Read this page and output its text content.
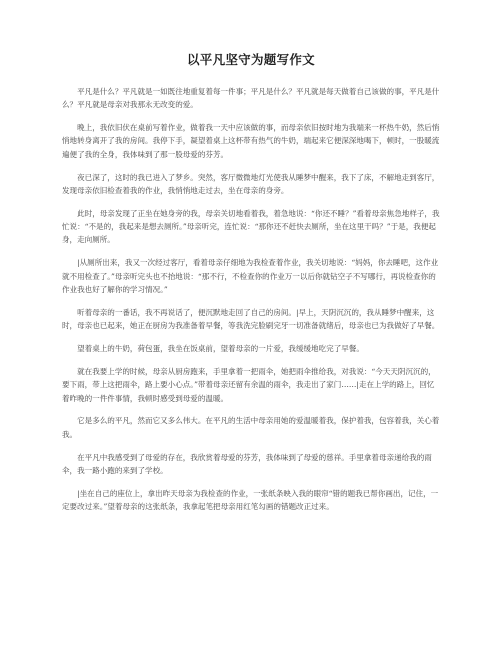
以平凡坚守为题写作文

平凡是什么？平凡就是一如既往地重复着每一件事；平凡是什么？平凡就是每天做着自己该做的事，平凡是什么？平凡就是母亲对我那永无改变的爱。

晚上，我依旧伏在桌前写着作业，做着我一天中应该做的事，而母亲依旧按时地为我端来一杯热牛奶，然后悄悄地转身离开了我的房间。我停下手，凝望着桌上这杯带有热气的牛奶，端起来它便深深地喝下，顿时，一股暖流遍便了我的全身，我体味到了那一股母爱的芬芳。

夜已深了，这时的我已进入了梦乡。突然，客厅微微地灯光使我从睡梦中醒来，我下了床，不解地走到客厅，发现母亲依旧检查着我的作业，我悄悄地走过去，坐在母亲的身旁。

此时，母亲发现了正坐在她身旁的我，母亲关切地看着我，着急地说：“你还不睡？”看着母亲焦急地样子，我忙说：“不是的，我起来是想去厕所。”母亲听完，连忙说：“那你还不赶快去厕所，坐在这里干吗？”于是，我便起身，走向厕所。

|从厕所出来，我又一次经过客厅，看着母亲仔细地为我检查着作业，我关切地说：“妈妈，你去睡吧，这作业就不用检查了。”母亲听完头也不抬地说：“那不行，不检查你的作业万一以后你就钻空子不写哪行，再说检查你的作业我也好了解你的学习情况。”

听着母亲的一番话，我不再说话了，便沉默地走回了自己的房间。|早上，天阴沉沉的，我从睡梦中醒来，这时，母亲也已起来，她正在厨房为我准备着早餐，等我洗完脸刷完牙一切准备就绪后，母亲也已为我做好了早餐。

望着桌上的牛奶，荷包蛋，我坐在饭桌前，望着母亲的一片爱，我缓缓地吃完了早餐。

就在我要上学的时候，母亲从厨房跑来，手里拿着一把雨伞，她把雨伞推给我，对我说：“今天天阴沉沉的，要下雨，带上这把雨伞，路上要小心点。”带着母亲还留有余温的雨伞，我走出了家门……|走在上学的路上，回忆着昨晚的一件件事情，我顿时感受到母爱的温暖。

它是多么的平凡，然而它又多么伟大。在平凡的生活中母亲用她的爱温暖着我，保护着我，包容着我，关心着我。

在平凡中我感受到了母爱的存在，我欣赏着母爱的芬芳，我体味到了母爱的慈祥。手里拿着母亲递给我的雨伞，我一路小跑的来到了学校。

|坐在自己的座位上，拿出昨天母亲为我检查的作业，一张纸条映入我的眼帘“错的题我已帮你画出，记住，一定要改过来。”望着母亲的这张纸条，我拿起笔把母亲用红笔勾画的错题改正过来。
